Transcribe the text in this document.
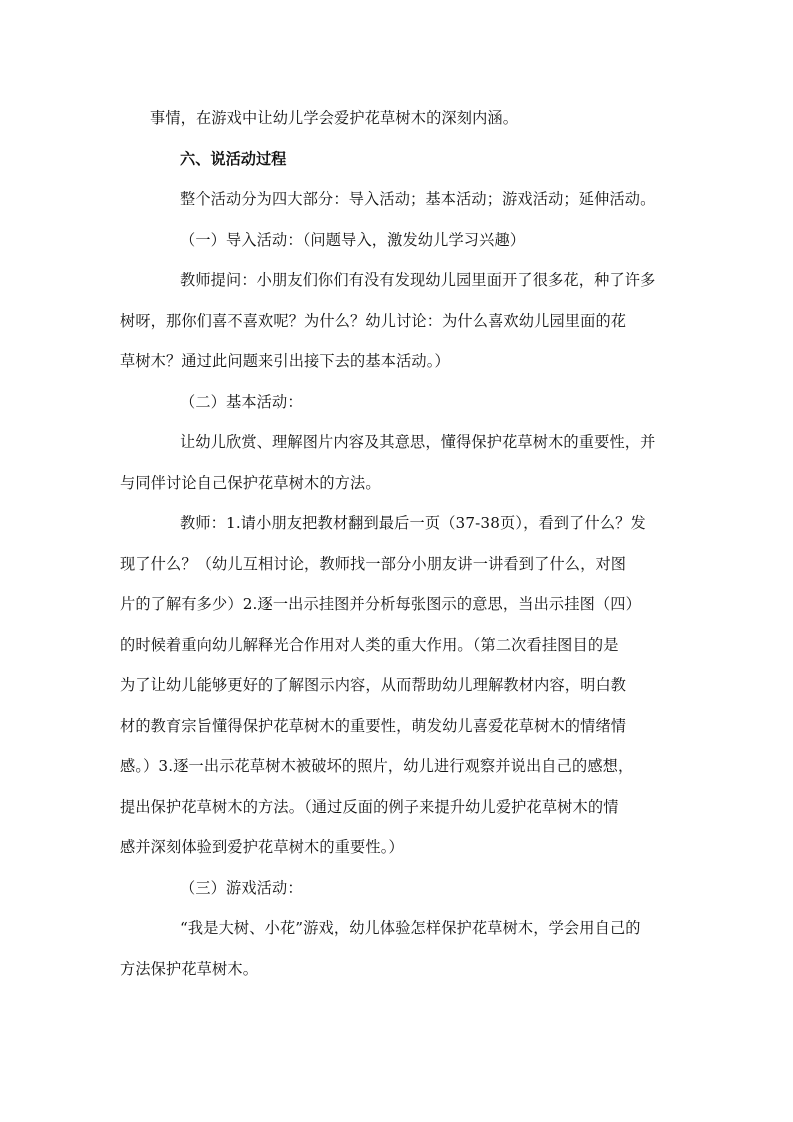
事情，在游戏中让幼儿学会爱护花草树木的深刻内涵。

六、说活动过程

整个活动分为四大部分：导入活动；基本活动；游戏活动；延伸活动。

（一）导入活动：（问题导入，激发幼儿学习兴趣）

教师提问：小朋友们你们有没有发现幼儿园里面开了很多花，种了许多
树呀，那你们喜不喜欢呢？为什么？幼儿讨论：为什么喜欢幼儿园里面的花
草树木？通过此问题来引出接下去的基本活动。）

（二）基本活动：

让幼儿欣赏、理解图片内容及其意思，懂得保护花草树木的重要性，并
与同伴讨论自己保护花草树木的方法。

教师：1.请小朋友把教材翻到最后一页（37-38页），看到了什么？发
现了什么？（幼儿互相讨论，教师找一部分小朋友讲一讲看到了什么，对图
片的了解有多少）2.逐一出示挂图并分析每张图示的意思，当出示挂图（四）
的时候着重向幼儿解释光合作用对人类的重大作用。（第二次看挂图目的是
为了让幼儿能够更好的了解图示内容，从而帮助幼儿理解教材内容，明白教
材的教育宗旨懂得保护花草树木的重要性，萌发幼儿喜爱花草树木的情绪情
感。）3.逐一出示花草树木被破坏的照片，幼儿进行观察并说出自己的感想，
提出保护花草树木的方法。（通过反面的例子来提升幼儿爱护花草树木的情
感并深刻体验到爱护花草树木的重要性。）

（三）游戏活动：

“我是大树、小花”游戏，幼儿体验怎样保护花草树木，学会用自己的
方法保护花草树木。
